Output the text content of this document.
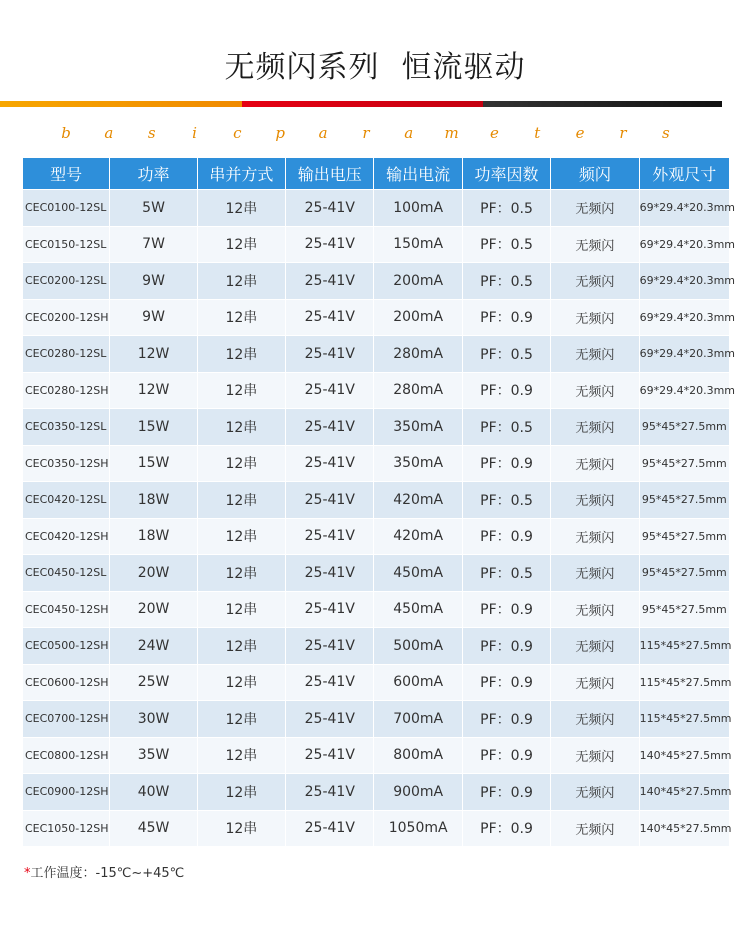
无频闪系列 恒流驱动
b	a	s	i	c	p	a	r	a	m	e	t	e	r	s
型号	功率	串并方式	输出电压	输出电流	功率因数	频闪	外观尺寸
CEC0100-12SL	5W	12串	25-41V	100mA	PF：0.5	无频闪	69*29.4*20.3mm
CEC0150-12SL	7W	12串	25-41V	150mA	PF：0.5	无频闪	69*29.4*20.3mm
CEC0200-12SL	9W	12串	25-41V	200mA	PF：0.5	无频闪	69*29.4*20.3mm
CEC0200-12SH	9W	12串	25-41V	200mA	PF：0.9	无频闪	69*29.4*20.3mm
CEC0280-12SL	12W	12串	25-41V	280mA	PF：0.5	无频闪	69*29.4*20.3mm
CEC0280-12SH	12W	12串	25-41V	280mA	PF：0.9	无频闪	69*29.4*20.3mm
CEC0350-12SL	15W	12串	25-41V	350mA	PF：0.5	无频闪	95*45*27.5mm
CEC0350-12SH	15W	12串	25-41V	350mA	PF：0.9	无频闪	95*45*27.5mm
CEC0420-12SL	18W	12串	25-41V	420mA	PF：0.5	无频闪	95*45*27.5mm
CEC0420-12SH	18W	12串	25-41V	420mA	PF：0.9	无频闪	95*45*27.5mm
CEC0450-12SL	20W	12串	25-41V	450mA	PF：0.5	无频闪	95*45*27.5mm
CEC0450-12SH	20W	12串	25-41V	450mA	PF：0.9	无频闪	95*45*27.5mm
CEC0500-12SH	24W	12串	25-41V	500mA	PF：0.9	无频闪	115*45*27.5mm
CEC0600-12SH	25W	12串	25-41V	600mA	PF：0.9	无频闪	115*45*27.5mm
CEC0700-12SH	30W	12串	25-41V	700mA	PF：0.9	无频闪	115*45*27.5mm
CEC0800-12SH	35W	12串	25-41V	800mA	PF：0.9	无频闪	140*45*27.5mm
CEC0900-12SH	40W	12串	25-41V	900mA	PF：0.9	无频闪	140*45*27.5mm
CEC1050-12SH	45W	12串	25-41V	1050mA	PF：0.9	无频闪	140*45*27.5mm
*工作温度：-15℃~+45℃
